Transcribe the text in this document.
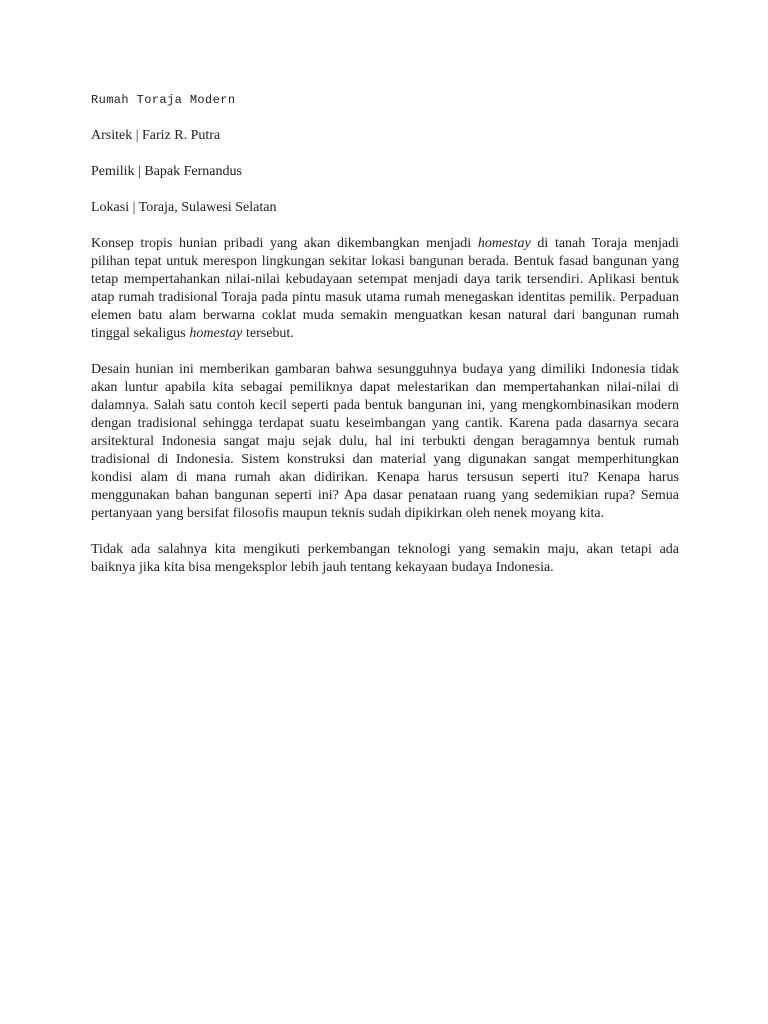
Rumah Toraja Modern

Arsitek | Fariz R. Putra

Pemilik | Bapak Fernandus

Lokasi | Toraja, Sulawesi Selatan

Konsep tropis hunian pribadi yang akan dikembangkan menjadi homestay di tanah Toraja menjadi pilihan tepat untuk merespon lingkungan sekitar lokasi bangunan berada. Bentuk fasad bangunan yang tetap mempertahankan nilai-nilai kebudayaan setempat menjadi daya tarik tersendiri. Aplikasi bentuk atap rumah tradisional Toraja pada pintu masuk utama rumah menegaskan identitas pemilik. Perpaduan elemen batu alam berwarna coklat muda semakin menguatkan kesan natural dari bangunan rumah tinggal sekaligus homestay tersebut.

Desain hunian ini memberikan gambaran bahwa sesungguhnya budaya yang dimiliki Indonesia tidak akan luntur apabila kita sebagai pemiliknya dapat melestarikan dan mempertahankan nilai-nilai di dalamnya. Salah satu contoh kecil seperti pada bentuk bangunan ini, yang mengkombinasikan modern dengan tradisional sehingga terdapat suatu keseimbangan yang cantik. Karena pada dasarnya secara arsitektural Indonesia sangat maju sejak dulu, hal ini terbukti dengan beragamnya bentuk rumah tradisional di Indonesia. Sistem konstruksi dan material yang digunakan sangat memperhitungkan kondisi alam di mana rumah akan didirikan. Kenapa harus tersusun seperti itu? Kenapa harus menggunakan bahan bangunan seperti ini? Apa dasar penataan ruang yang sedemikian rupa? Semua pertanyaan yang bersifat filosofis maupun teknis sudah dipikirkan oleh nenek moyang kita.

Tidak ada salahnya kita mengikuti perkembangan teknologi yang semakin maju, akan tetapi ada baiknya jika kita bisa mengeksplor lebih jauh tentang kekayaan budaya Indonesia.
